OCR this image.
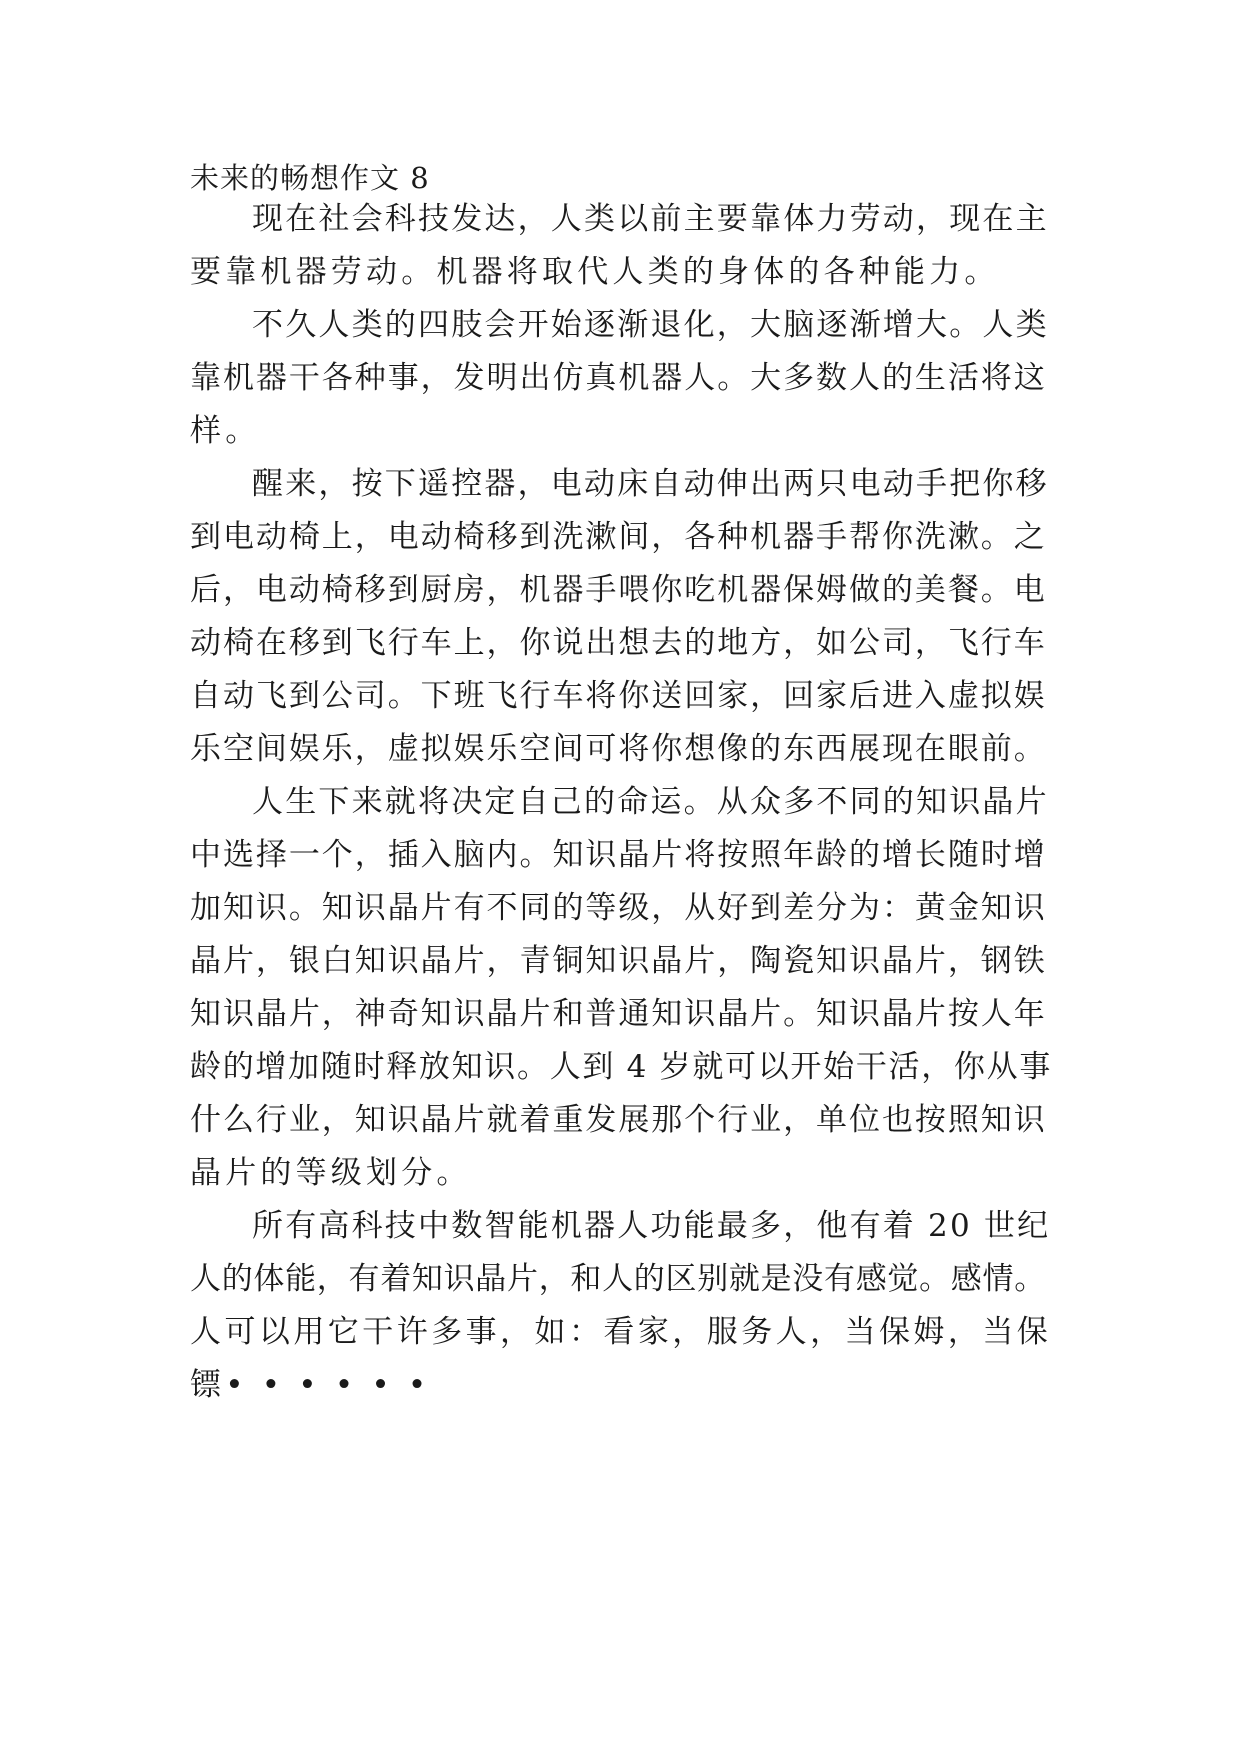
未来的畅想作文 8
现在社会科技发达，人类以前主要靠体力劳动，现在主
要靠机器劳动。机器将取代人类的身体的各种能力。
不久人类的四肢会开始逐渐退化，大脑逐渐增大。人类
靠机器干各种事，发明出仿真机器人。大多数人的生活将这
样。
醒来，按下遥控器，电动床自动伸出两只电动手把你移
到电动椅上，电动椅移到洗漱间，各种机器手帮你洗漱。之
后，电动椅移到厨房，机器手喂你吃机器保姆做的美餐。电
动椅在移到飞行车上，你说出想去的地方，如公司，飞行车
自动飞到公司。下班飞行车将你送回家，回家后进入虚拟娱
乐空间娱乐，虚拟娱乐空间可将你想像的东西展现在眼前。
人生下来就将决定自己的命运。从众多不同的知识晶片
中选择一个，插入脑内。知识晶片将按照年龄的增长随时增
加知识。知识晶片有不同的等级，从好到差分为：黄金知识
晶片，银白知识晶片，青铜知识晶片，陶瓷知识晶片，钢铁
知识晶片，神奇知识晶片和普通知识晶片。知识晶片按人年
龄的增加随时释放知识。人到 4 岁就可以开始干活，你从事
什么行业，知识晶片就着重发展那个行业，单位也按照知识
晶片的等级划分。
所有高科技中数智能机器人功能最多，他有着 20 世纪
人的体能，有着知识晶片，和人的区别就是没有感觉。感情。
人可以用它干许多事，如：看家，服务人，当保姆，当保
镖• • • • • •
